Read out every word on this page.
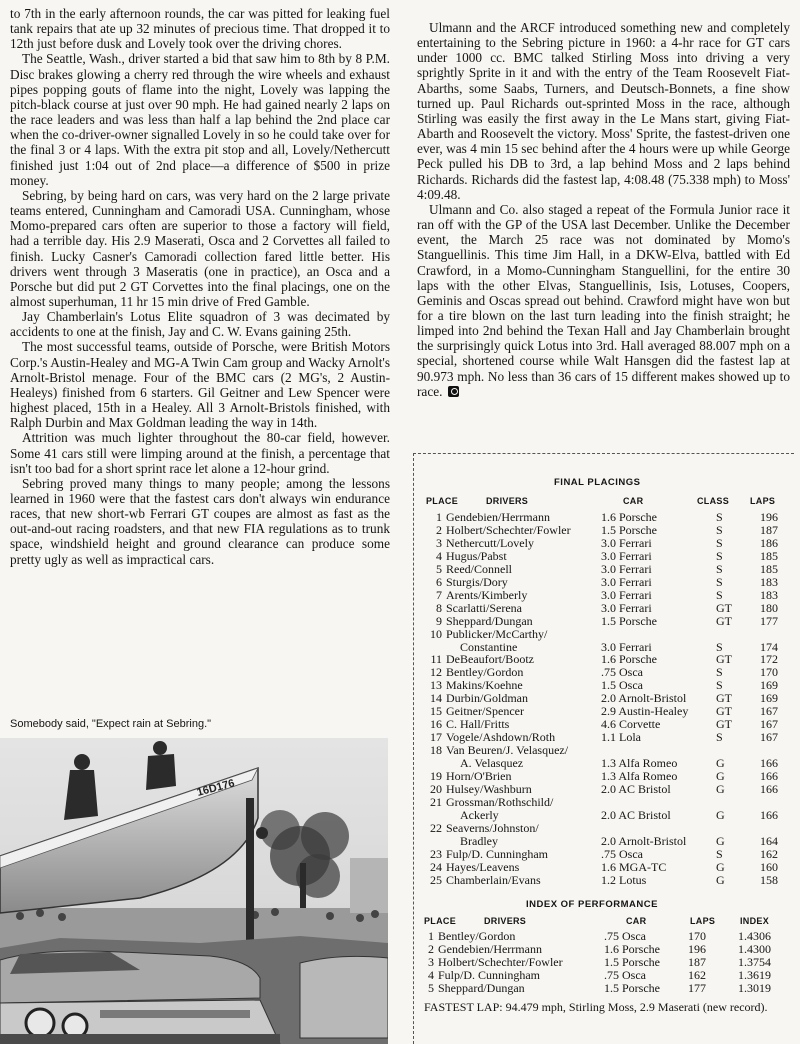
to 7th in the early afternoon rounds, the car was pitted for leaking fuel tank repairs that ate up 32 minutes of precious time. That dropped it to 12th just before dusk and Lovely took over the driving chores.

The Seattle, Wash., driver started a bid that saw him to 8th by 8 P.M. Disc brakes glowing a cherry red through the wire wheels and exhaust pipes popping gouts of flame into the night, Lovely was lapping the pitch-black course at just over 90 mph. He had gained nearly 2 laps on the race leaders and was less than half a lap behind the 2nd place car when the co-driver-owner signalled Lovely in so he could take over for the final 3 or 4 laps. With the extra pit stop and all, Lovely/Nethercutt finished just 1:04 out of 2nd place—a difference of $500 in prize money.

Sebring, by being hard on cars, was very hard on the 2 large private teams entered, Cunningham and Camoradi USA. Cunningham, whose Momo-prepared cars often are superior to those a factory will field, had a terrible day. His 2.9 Maserati, Osca and 2 Corvettes all failed to finish. Lucky Casner's Camoradi collection fared little better. His drivers went through 3 Maseratis (one in practice), an Osca and a Porsche but did put 2 GT Corvettes into the final placings, one on the almost superhuman, 11 hr 15 min drive of Fred Gamble.

Jay Chamberlain's Lotus Elite squadron of 3 was decimated by accidents to one at the finish, Jay and C. W. Evans gaining 25th.

The most successful teams, outside of Porsche, were British Motors Corp.'s Austin-Healey and MG-A Twin Cam group and Wacky Arnolt's Arnolt-Bristol menage. Four of the BMC cars (2 MG's, 2 Austin-Healeys) finished from 6 starters. Gil Geitner and Lew Spencer were highest placed, 15th in a Healey. All 3 Arnolt-Bristols finished, with Ralph Durbin and Max Goldman leading the way in 14th.

Attrition was much lighter throughout the 80-car field, however. Some 41 cars still were limping around at the finish, a percentage that isn't too bad for a short sprint race let alone a 12-hour grind.

Sebring proved many things to many people; among the lessons learned in 1960 were that the fastest cars don't always win endurance races, that new short-wb Ferrari GT coupes are almost as fast as the out-and-out racing roadsters, and that new FIA regulations as to trunk space, windshield height and ground clearance can produce some pretty ugly as well as impractical cars.

Ulmann and the ARCF introduced something new and completely entertaining to the Sebring picture in 1960: a 4-hr race for GT cars under 1000 cc. BMC talked Stirling Moss into driving a very sprightly Sprite in it and with the entry of the Team Roosevelt Fiat-Abarths, some Saabs, Turners, and Deutsch-Bonnets, a fine show turned up. Paul Richards out-sprinted Moss in the race, although Stirling was easily the first away in the Le Mans start, giving Fiat-Abarth and Roosevelt the victory. Moss' Sprite, the fastest-driven one ever, was 4 min 15 sec behind after the 4 hours were up while George Peck pulled his DB to 3rd, a lap behind Moss and 2 laps behind Richards. Richards did the fastest lap, 4:08.48 (75.338 mph) to Moss' 4:09.48.

Ulmann and Co. also staged a repeat of the Formula Junior race it ran off with the GP of the USA last December. Unlike the December event, the March 25 race was not dominated by Momo's Stanguellinis. This time Jim Hall, in a DKW-Elva, battled with Ed Crawford, in a Momo-Cunningham Stanguellini, for the entire 30 laps with the other Elvas, Stanguellinis, Isis, Lotuses, Coopers, Geminis and Oscas spread out behind. Crawford might have won but for a tire blown on the last turn leading into the finish straight; he limped into 2nd behind the Texan Hall and Jay Chamberlain brought the surprisingly quick Lotus into 3rd. Hall averaged 88.007 mph on a special, shortened course while Walt Hansgen did the fastest lap at 90.973 mph. No less than 36 cars of 15 different makes showed up to race.

Somebody said, "Expect rain at Sebring."
16D176
FINAL PLACINGS
PLACE	DRIVERS	CAR	CLASS LAPS
1 Gendebien/Herrmann	1.6 Porsche	S	196
2 Holbert/Schechter/Fowler	1.5 Porsche	S	187
3 Nethercutt/Lovely	3.0 Ferrari	S	186
4 Hugus/Pabst	3.0 Ferrari	S	185
5 Reed/Connell	3.0 Ferrari	S	185
6 Sturgis/Dory	3.0 Ferrari	S	183
7 Arents/Kimberly	3.0 Ferrari	S	183
8 Scarlatti/Serena	3.0 Ferrari	GT 180
9 Sheppard/Dungan	1.5 Porsche	GT 177
10 Publicker/McCarthy/
Constantine	3.0 Ferrari	S	174
11 DeBeaufort/Bootz	1.6 Porsche	GT 172
12 Bentley/Gordon	.75 Osca	S	170
13 Makins/Koehne	1.5 Osca	S	169
14 Durbin/Goldman	2.0 Arnolt-Bristol GT 169
15 Geitner/Spencer	2.9 Austin-Healey GT 167
16 C. Hall/Fritts	4.6 Corvette	GT 167
17 Vogele/Ashdown/Roth	1.1 Lola	S	167
18 Van Beuren/J. Velasquez/
A. Velasquez	1.3 Alfa Romeo	G	166
19 Horn/O'Brien	1.3 Alfa Romeo	G	166
20 Hulsey/Washburn	2.0 AC Bristol	G	166
21 Grossman/Rothschild/
Ackerly	2.0 AC Bristol	G	166
22 Seaverns/Johnston/
Bradley	2.0 Arnolt-Bristol G	164
23 Fulp/D. Cunningham	.75 Osca	S	162
24 Hayes/Leavens	1.6 MGA-TC	G	160
25 Chamberlain/Evans	1.2 Lotus	G	158
INDEX OF PERFORMANCE
PLACE	DRIVERS	CAR	LAPS	INDEX
1 Bentley/Gordon	.75 Osca	170	1.4306
2 Gendebien/Herrmann	1.6 Porsche 196	1.4300
3 Holbert/Schechter/Fowler	1.5 Porsche 187	1.3754
4 Fulp/D. Cunningham	.75 Osca	162	1.3619
5 Sheppard/Dungan	1.5 Porsche 177	1.3019
FASTEST LAP: 94.479 mph, Stirling Moss, 2.9 Maserati (new record).
